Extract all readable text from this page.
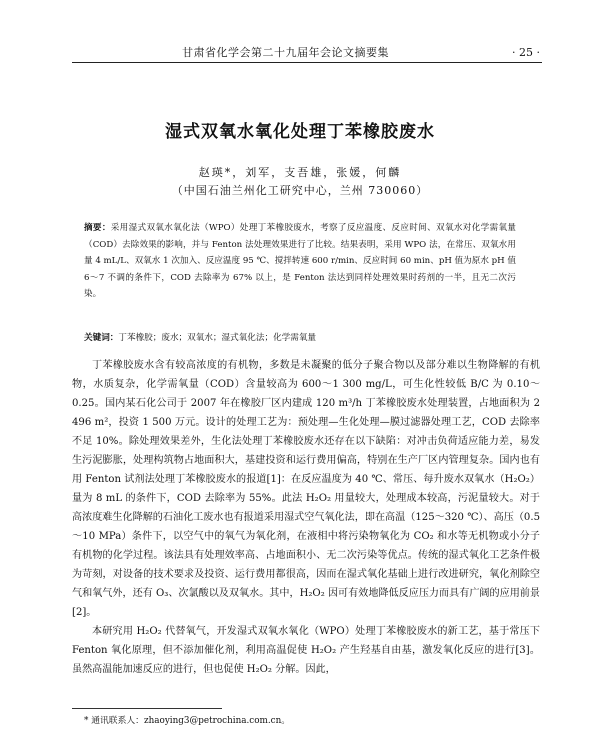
甘肃省化学会第二十九届年会论文摘要集	· 25 ·
湿式双氧水氧化处理丁苯橡胶废水
赵瑛*，刘军，支吾雄，张媛，何麟
（中国石油兰州化工研究中心，兰州 730060）
摘要：采用湿式双氧水氧化法（WPO）处理丁苯橡胶废水，考察了反应温度、反应时间、双氧水对化学需氧量（COD）去除效果的影响，并与 Fenton 法处理效果进行了比较。结果表明，采用 WPO 法，在常压、双氧水用量 4 mL/L、双氧水 1 次加入、反应温度 95 ℃、搅拌转速 600 r/min、反应时间 60 min、pH 值为原水 pH 值 6～7 不调的条件下，COD 去除率为 67% 以上，是 Fenton 法达到同样处理效果时药剂的一半，且无二次污染。
关键词：丁苯橡胶；废水；双氧水；湿式氧化法；化学需氧量

丁苯橡胶废水含有较高浓度的有机物，多数是未凝聚的低分子聚合物以及部分难以生物降解的有机物，水质复杂，化学需氧量（COD）含量较高为 600～1 300 mg/L，可生化性较低 B/C 为 0.10～0.25。国内某石化公司于 2007 年在橡胶厂区内建成 120 m³/h 丁苯橡胶废水处理装置，占地面积为 2 496 m²，投资 1 500 万元。设计的处理工艺为：预处理—生化处理—膜过滤器处理工艺，COD 去除率不足 10%。除处理效果差外，生化法处理丁苯橡胶废水还存在以下缺陷：对冲击负荷适应能力差，易发生污泥膨胀，处理构筑物占地面积大，基建投资和运行费用偏高，特别在生产厂区内管理复杂。国内也有用 Fenton 试剂法处理丁苯橡胶废水的报道[1]：在反应温度为 40 ℃、常压、每升废水双氧水（H₂O₂）量为 8 mL 的条件下，COD 去除率为 55%。此法 H₂O₂ 用量较大，处理成本较高，污泥量较大。对于高浓度难生化降解的石油化工废水也有报道采用湿式空气氧化法，即在高温（125～320 ℃）、高压（0.5～10 MPa）条件下，以空气中的氧气为氧化剂，在液相中将污染物氧化为 CO₂ 和水等无机物或小分子有机物的化学过程。该法具有处理效率高、占地面积小、无二次污染等优点。传统的湿式氧化工艺条件极为苛刻，对设备的技术要求及投资、运行费用都很高，因而在湿式氧化基础上进行改进研究，氧化剂除空气和氧气外，还有 O₃、次氯酸以及双氧水。其中，H₂O₂ 因可有效地降低反应压力而具有广阔的应用前景[2]。

本研究用 H₂O₂ 代替氧气，开发湿式双氧水氧化（WPO）处理丁苯橡胶废水的新工艺，基于常压下 Fenton 氧化原理，但不添加催化剂，利用高温促使 H₂O₂ 产生羟基自由基，激发氧化反应的进行[3]。虽然高温能加速反应的进行，但也促使 H₂O₂ 分解。因此，

* 通讯联系人：zhaoying3@petrochina.com.cn。
